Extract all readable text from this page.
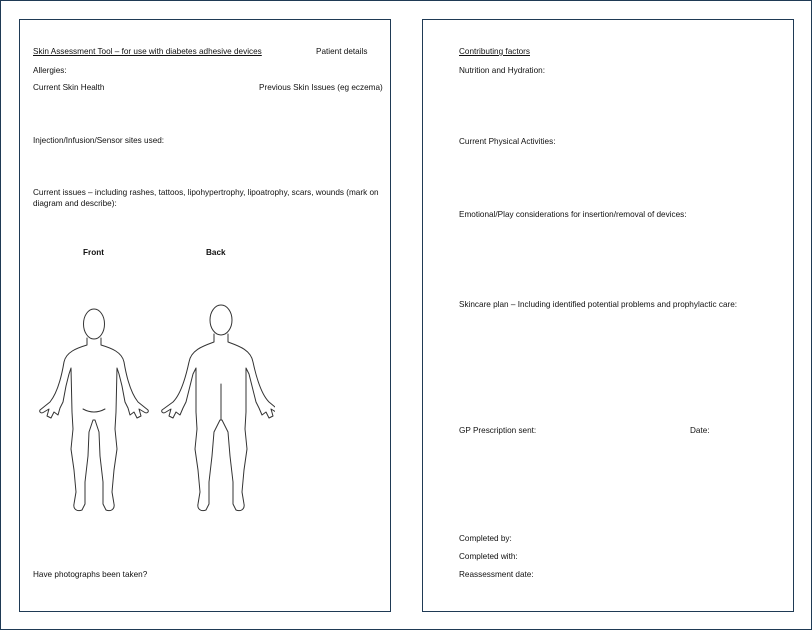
Skin Assessment Tool – for use with diabetes adhesive devices	Patient details
Allergies:
Current Skin Health	Previous Skin Issues (eg eczema)
Injection/Infusion/Sensor sites used:
Current issues – including rashes, tattoos, lipohypertrophy, lipoatrophy, scars, wounds (mark on diagram and describe):
Front	Back
Have photographs been taken?
Contributing factors
Nutrition and Hydration:
Current Physical Activities:
Emotional/Play considerations for insertion/removal of devices:
Skincare plan – Including identified potential problems and prophylactic care:
GP Prescription sent:	Date:
Completed by:
Completed with:
Reassessment date:
